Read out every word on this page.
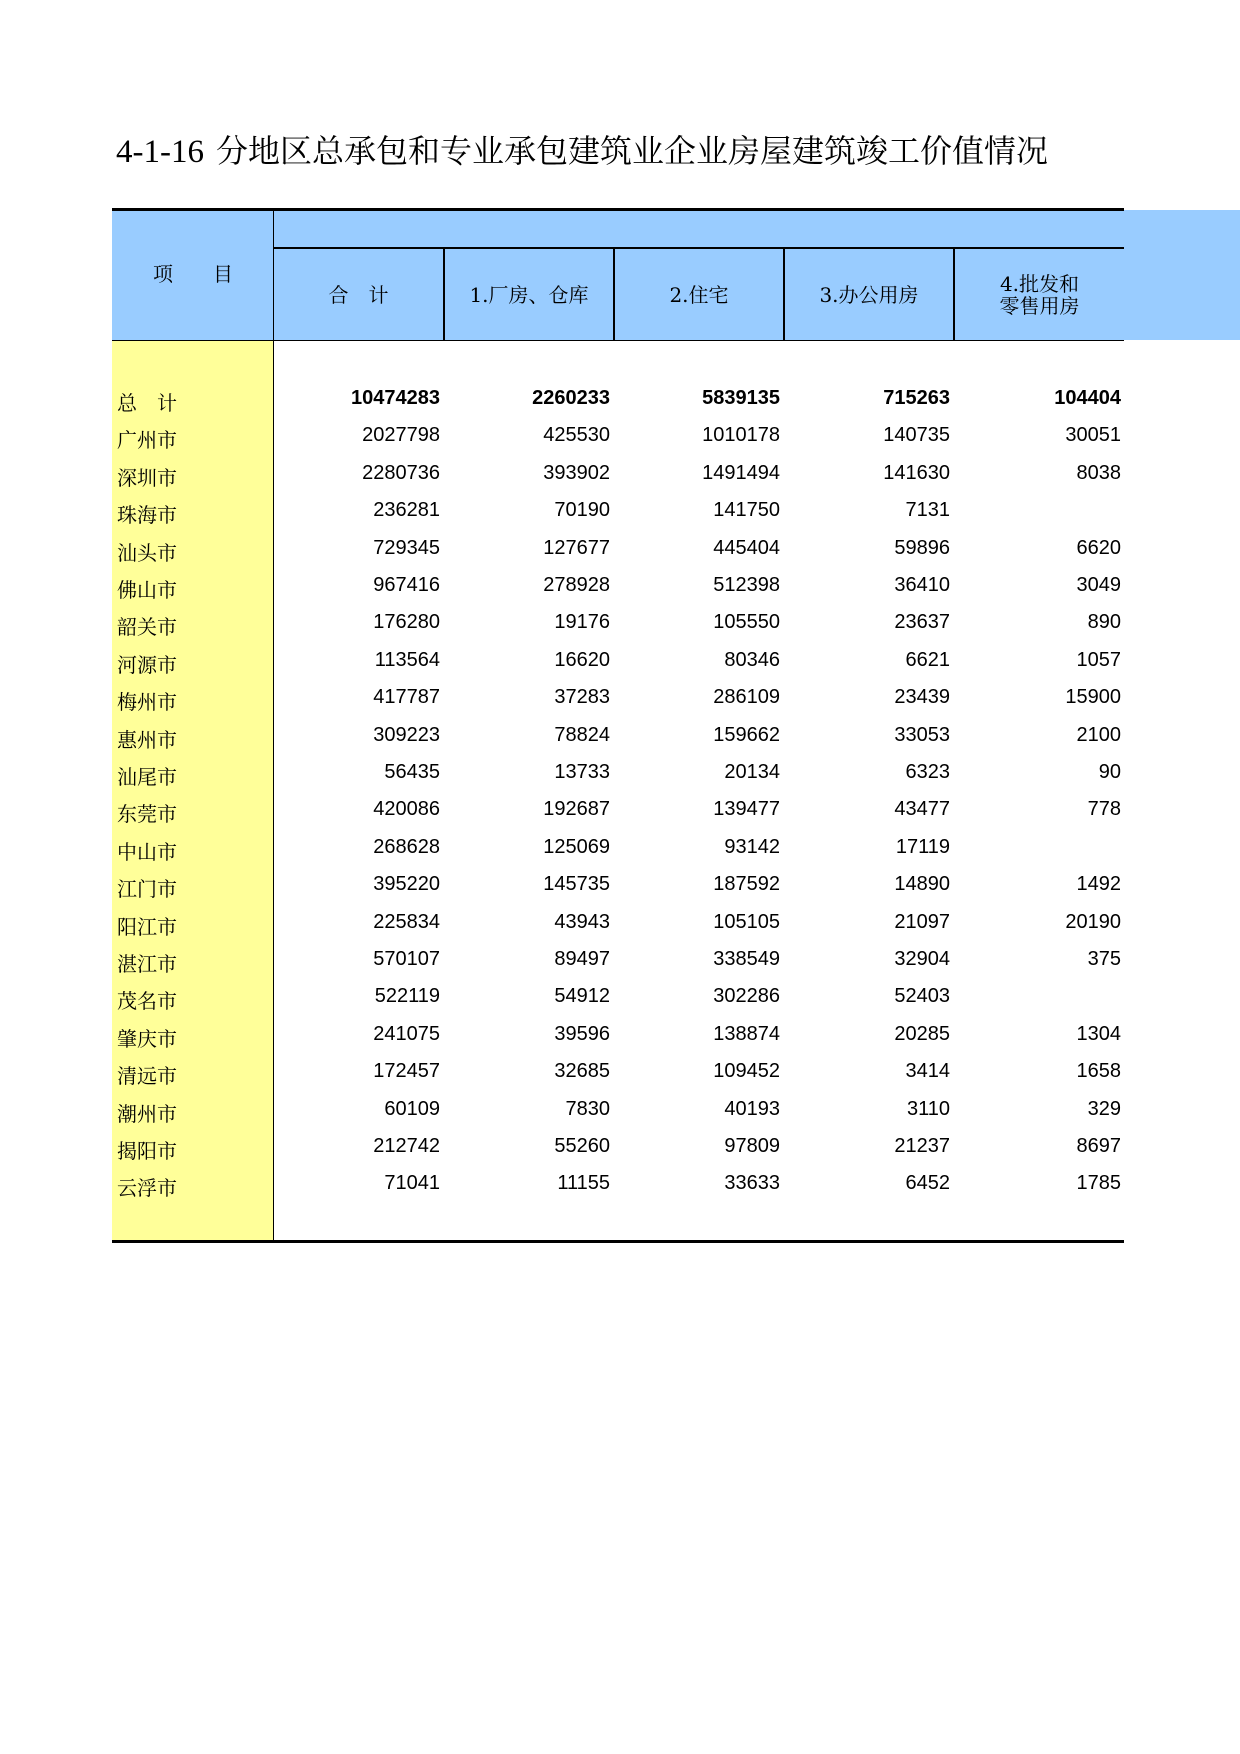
4-1-16 分地区总承包和专业承包建筑业企业房屋建筑竣工价值情况
项　　目
合　计	1.厂房、仓库	2.住宅	3.办公用房	4.批发和
零售用房
总　计	10474283	2260233	5839135	715263	104404
广州市	2027798	425530	1010178	140735	30051
深圳市	2280736	393902	1491494	141630	8038
珠海市	236281	70190	141750	7131
汕头市	729345	127677	445404	59896	6620
佛山市	967416	278928	512398	36410	3049
韶关市	176280	19176	105550	23637	890
河源市	113564	16620	80346	6621	1057
梅州市	417787	37283	286109	23439	15900
惠州市	309223	78824	159662	33053	2100
汕尾市	56435	13733	20134	6323	90
东莞市	420086	192687	139477	43477	778
中山市	268628	125069	93142	17119
江门市	395220	145735	187592	14890	1492
阳江市	225834	43943	105105	21097	20190
湛江市	570107	89497	338549	32904	375
茂名市	522119	54912	302286	52403
肇庆市	241075	39596	138874	20285	1304
清远市	172457	32685	109452	3414	1658
潮州市	60109	7830	40193	3110	329
揭阳市	212742	55260	97809	21237	8697
云浮市	71041	11155	33633	6452	1785
